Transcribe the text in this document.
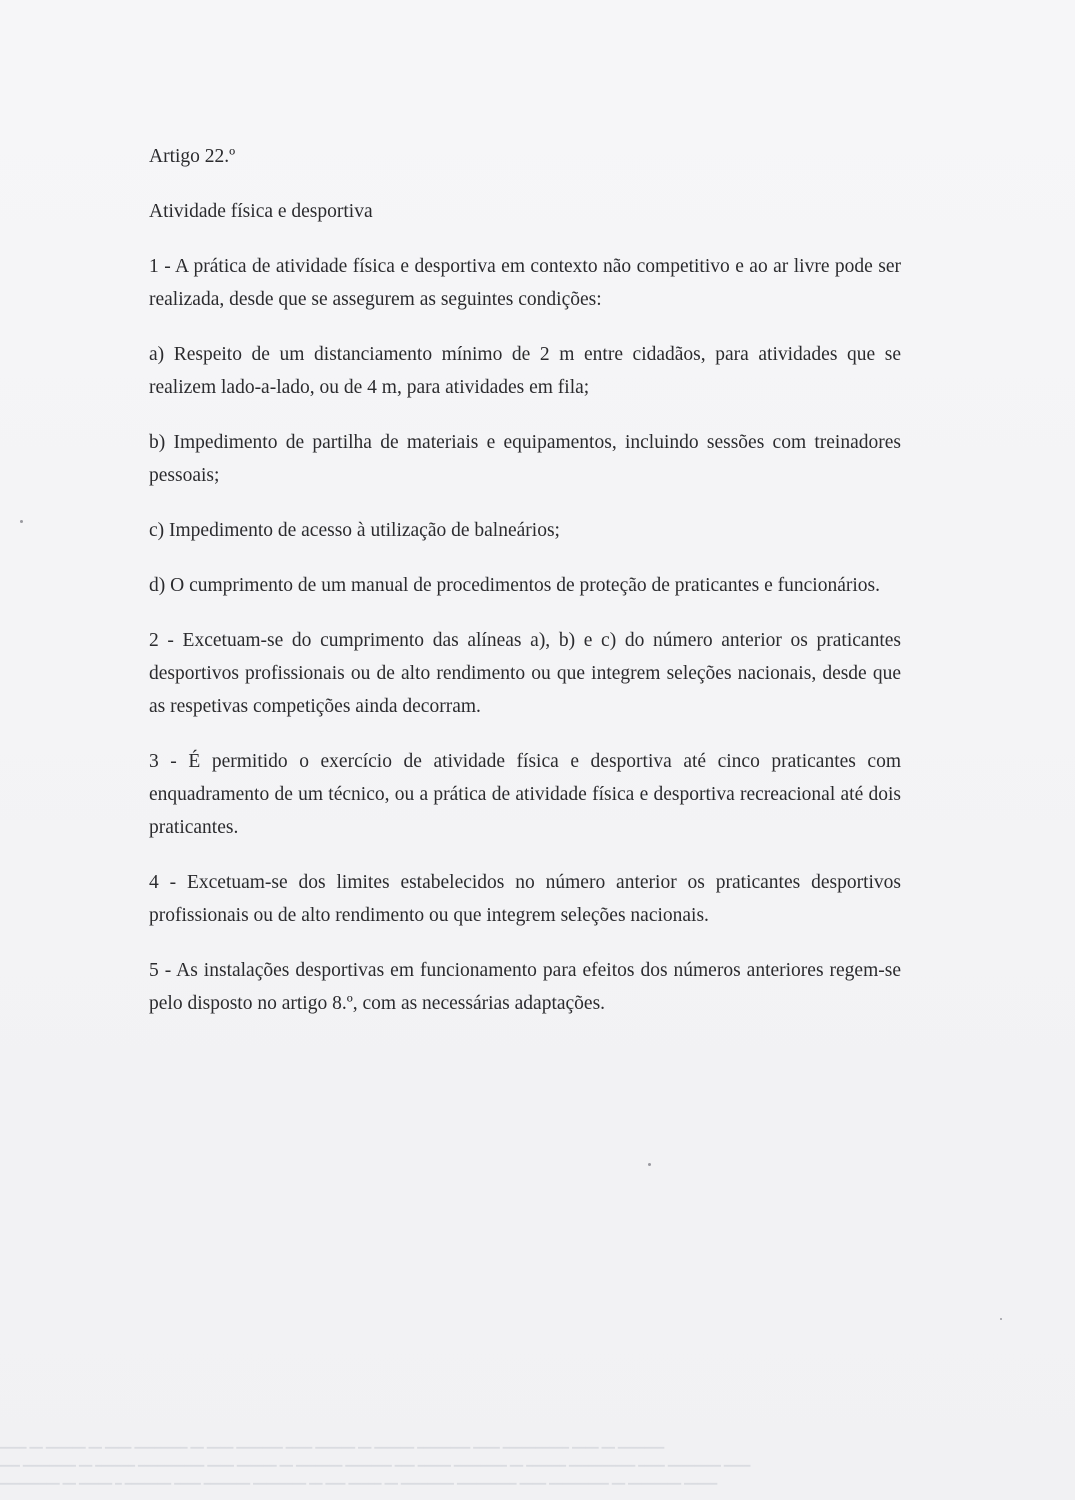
Artigo 22.º

Atividade física e desportiva

1 - A prática de atividade física e desportiva em contexto não competitivo e ao ar livre pode ser realizada, desde que se assegurem as seguintes condições:

a) Respeito de um distanciamento mínimo de 2 m entre cidadãos, para atividades que se realizem lado-a-lado, ou de 4 m, para atividades em fila;

b) Impedimento de partilha de materiais e equipamentos, incluindo sessões com treinadores pessoais;

c) Impedimento de acesso à utilização de balneários;

d) O cumprimento de um manual de procedimentos de proteção de praticantes e funcionários.

2 - Excetuam-se do cumprimento das alíneas a), b) e c) do número anterior os praticantes desportivos profissionais ou de alto rendimento ou que integrem seleções nacionais, desde que as respetivas competições ainda decorram.

3 - É permitido o exercício de atividade física e desportiva até cinco praticantes com enquadramento de um técnico, ou a prática de atividade física e desportiva recreacional até dois praticantes.

4 - Excetuam-se dos limites estabelecidos no número anterior os praticantes desportivos profissionais ou de alto rendimento ou que integrem seleções nacionais.

5 - As instalações desportivas em funcionamento para efeitos dos números anteriores regem-se pelo disposto no artigo 8.º, com as necessárias adaptações.

━━━━ ━━ ━━━━━━ ━━ ━━━━ ━━━━━━━━ ━━ ━━━━ ━━━━━━━ ━━━━ ━━━━━━ ━━ ━━━━━━ ━━━━━━━━ ━━━━ ━━━━━━━━━━ ━━━━ ━━ ━━━━━━━
━━━ ━━━━━━━━ ━━ ━━━━━━ ━━━━━━━━━━ ━━━━ ━━━━━━ ━━ ━━━━━━━ ━━━━━━━ ━━━ ━━━━━ ━━━━━━━━ ━━ ━━━━━━ ━━━━━━━━━━ ━━━━ ━━━━━━━━ ━━━━
━━━━━━━━━ ━━ ━━━━━ ━ ━━━━━━━ ━━━━ ━━━━━━━ ━━━━━━━━ ━━ ━━━ ━━━━━ ━━ ━━━━━━━━ ━━━━━━━━━ ━━━━ ━━━━━━━━━ ━━ ━━━━━━━━ ━━━━━
